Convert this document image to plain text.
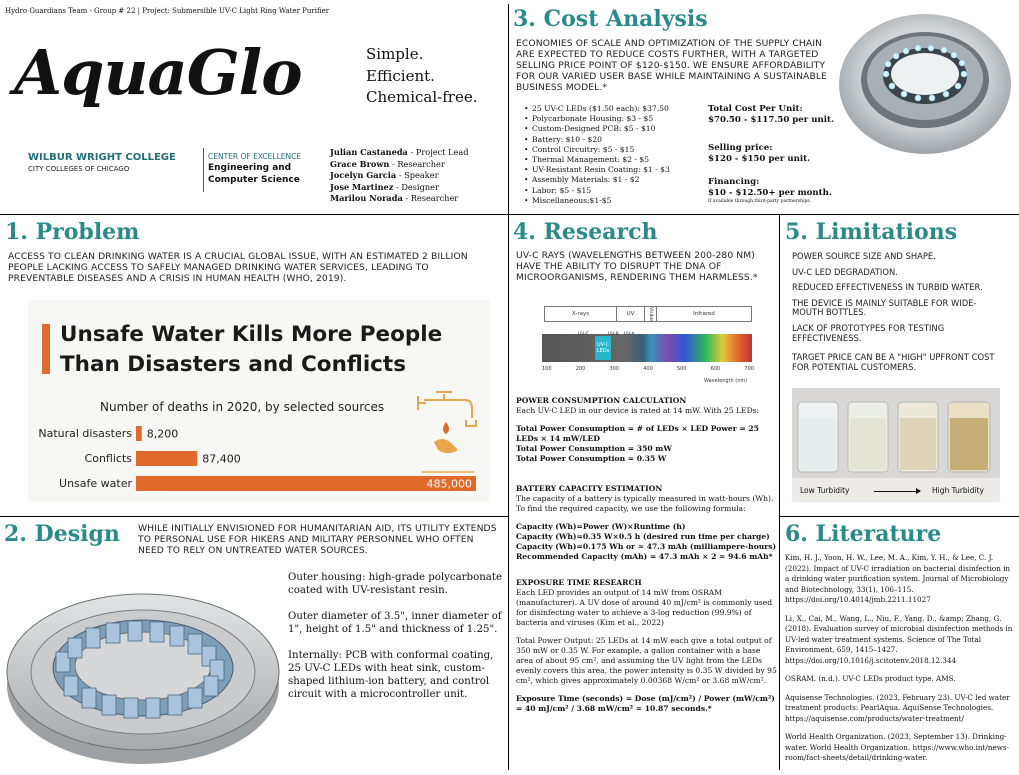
Hydro Guardians Team - Group # 22 | Project: Submersible UV-C Light Ring Water Purifier
AquaGlo	Simple.
Efficient.
Chemical-free.
WILBUR WRIGHT COLLEGE
CITY COLLEGES OF CHICAGO
CENTER OF EXCELLENCE
Engineering and
Computer Science
Julian Castaneda - Project Lead
Grace Brown - Researcher
Jocelyn Garcia - Speaker
Jose Martinez - Designer
Marilou Norada - Researcher
3. Cost Analysis
ECONOMIES OF SCALE AND OPTIMIZATION OF THE SUPPLY CHAIN ARE EXPECTED TO REDUCE COSTS FURTHER, WITH A TARGETED SELLING PRICE POINT OF $120-$150. WE ENSURE AFFORDABILITY FOR OUR VARIED USER BASE WHILE MAINTAINING A SUSTAINABLE BUSINESS MODEL.*
• 25 UV-C LEDs ($1.50 each): $37.50
• Polycarbonate Housing: $3 - $5
• Custom-Designed PCB: $5 - $10
• Battery: $10 - $20
• Control Circuitry: $5 - $15
• Thermal Management: $2 - $5
• UV-Resistant Resin Coating: $1 - $3
• Assembly Materials: $1 - $2
• Labor: $5 - $15
• Miscellaneous:$1-$5
Total Cost Per Unit:
$70.50 - $117.50 per unit.
Selling price:
$120 - $150 per unit.
Financing:
$10 - $12.50+ per month.
If available through third-party partnerships.
1. Problem
ACCESS TO CLEAN DRINKING WATER IS A CRUCIAL GLOBAL ISSUE, WITH AN ESTIMATED 2 BILLION PEOPLE LACKING ACCESS TO SAFELY MANAGED DRINKING WATER SERVICES, LEADING TO PREVENTABLE DISEASES AND A CRISIS IN HUMAN HEALTH (WHO, 2019).
Unsafe Water Kills More People
Than Disasters and Conflicts
Number of deaths in 2020, by selected sources
Natural disasters 8,200
Conflicts	87,400
Unsafe water	485,000
2. Design WHILE INITIALLY ENVISIONED FOR HUMANITARIAN AID, ITS UTILITY EXTENDS TO PERSONAL USE FOR HIKERS AND MILITARY PERSONNEL WHO OFTEN NEED TO RELY ON UNTREATED WATER SOURCES.
Outer housing: high-grade polycarbonate coated with UV-resistant resin.
Outer diameter of 3.5", inner diameter of 1", height of 1.5" and thickness of 1.25".
Internally: PCB with conformal coating, 25 UV-C LEDs with heat sink, custom-shaped lithium-ion battery, and control circuit with a microcontroller unit.
4. Research
UV-C RAYS (WAVELENGTHS BETWEEN 200-280 NM) HAVE THE ABILITY TO DISRUPT THE DNA OF MICROORGANISMS, RENDERING THEM HARMLESS.*
X-rays	UV	Visible	Infrared
UV-C LEDs
UV-C	UV-B UV-A
100	200	300	400	500	600	700
Wavelength (nm)
POWER CONSUMPTION CALCULATION
Each UV-C LED in our device is rated at 14 mW. With 25 LEDs:
Total Power Consumption = # of LEDs × LED Power = 25 LEDs × 14 mW/LED
Total Power Consumption = 350 mW
Total Power Consumption = 0.35 W
BATTERY CAPACITY ESTIMATION
The capacity of a battery is typically measured in watt-hours (Wh). To find the required capacity, we use the following formula:
Capacity (Wh)=Power (W)×Runtime (h)
Capacity (Wh)=0.35 W×0.5 h (desired run time per charge)
Capacity (Wh)=0.175 Wh or ≈ 47.3 mAh (milliampere-hours)
Recommended Capacity (mAh) = 47.3 mAh × 2 ≈ 94.6 mAh*
EXPOSURE TIME RESEARCH
Each LED provides an output of 14 mW from OSRAM (manufacturer). A UV dose of around 40 mJ/cm² is commonly used for disinfecting water to achieve a 3-log reduction (99.9%) of bacteria and viruses (Kim et al., 2022)
Total Power Output: 25 LEDs at 14 mW each give a total output of 350 mW or 0.35 W. For example, a gallon container with a base area of about 95 cm², and assuming the UV light from the LEDs evenly covers this area, the power intensity is 0.35 W divided by 95 cm², which gives approximately 0.00368 W/cm² or 3.68 mW/cm².
Exposure Time (seconds) = Dose (mJ/cm²) / Power (mW/cm²) = 40 mJ/cm² / 3.68 mW/cm² ≈ 10.87 seconds.*
5. Limitations
POWER SOURCE SIZE AND SHAPE.
UV-C LED DEGRADATION.
REDUCED EFFECTIVENESS IN TURBID WATER.
THE DEVICE IS MAINLY SUITABLE FOR WIDE-MOUTH BOTTLES.
LACK OF PROTOTYPES FOR TESTING EFFECTIVENESS.
TARGET PRICE CAN BE A "HIGH" UPFRONT COST FOR POTENTIAL CUSTOMERS.
Low Turbidity	High Turbidity
6. Literature
Kim, H. J., Yoon, H. W., Lee, M. A., Kim, Y. H., & Lee, C. J. (2022). Impact of UV-C irradiation on bacterial disinfection in a drinking water purification system. Journal of Microbiology and Biotechnology, 33(1), 106–115. https://doi.org/10.4014/jmb.2211.11027
Li, X., Cai, M., Wang, L., Niu, F., Yang, D., &amp; Zhang, G. (2018). Evaluation survey of microbial disinfection methods in UV-led water treatment systems. Science of The Total Environment, 659, 1415–1427. https://doi.org/10.1016/j.scitotenv.2018.12.344
OSRAM. (n.d.). UV-C LEDs product type. AMS.
Aquisense Technologies. (2023, February 23). UV-C led water treatment products: PearlAqua. AquiSense Technologies. https://aquisense.com/products/water-treatment/
World Health Organization. (2023, September 13). Drinking-water. World Health Organization. https://www.who.int/news-room/fact-sheets/detail/drinking-water.
